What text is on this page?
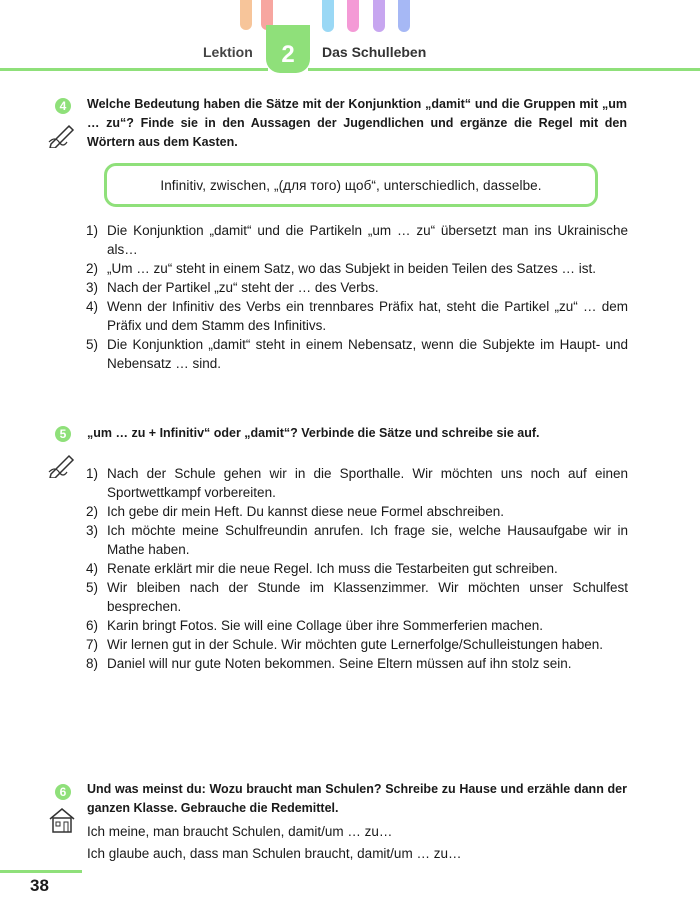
Lektion	2	Das Schulleben
4	Welche Bedeutung haben die Sätze mit der Konjunktion „damit“ und die Gruppen mit „um … zu“? Finde sie in den Aussagen der Jugendlichen und ergänze die Regel mit den Wörtern aus dem Kasten.
Infinitiv, zwischen, „(для того) щоб“, unterschiedlich, dasselbe.
1) Die Konjunktion „damit“ und die Partikeln „um … zu“ übersetzt man ins Ukrainische als…
2) „Um … zu“ steht in einem Satz, wo das Subjekt in beiden Teilen des Satzes … ist.
3) Nach der Partikel „zu“ steht der … des Verbs.
4) Wenn der Infinitiv des Verbs ein trennbares Präfix hat, steht die Partikel „zu“ … dem Präfix und dem Stamm des Infinitivs.
5) Die Konjunktion „damit“ steht in einem Nebensatz, wenn die Subjekte im Haupt- und Nebensatz … sind.
5	„um … zu + Infinitiv“ oder „damit“? Verbinde die Sätze und schreibe sie auf.
1) Nach der Schule gehen wir in die Sporthalle. Wir möchten uns noch auf einen Sportwettkampf vorbereiten.
2) Ich gebe dir mein Heft. Du kannst diese neue Formel abschreiben.
3) Ich möchte meine Schulfreundin anrufen. Ich frage sie, welche Hausaufgabe wir in Mathe haben.
4) Renate erklärt mir die neue Regel. Ich muss die Testarbeiten gut schreiben.
5) Wir bleiben nach der Stunde im Klassenzimmer. Wir möchten unser Schulfest besprechen.
6) Karin bringt Fotos. Sie will eine Collage über ihre Sommerferien machen.
7) Wir lernen gut in der Schule. Wir möchten gute Lernerfolge/Schulleistungen haben.
8) Daniel will nur gute Noten bekommen. Seine Eltern müssen auf ihn stolz sein.
6	Und was meinst du: Wozu braucht man Schulen? Schreibe zu Hause und erzähle dann der ganzen Klasse. Gebrauche die Redemittel.
Ich meine, man braucht Schulen, damit/um … zu…
Ich glaube auch, dass man Schulen braucht, damit/um … zu…
38
